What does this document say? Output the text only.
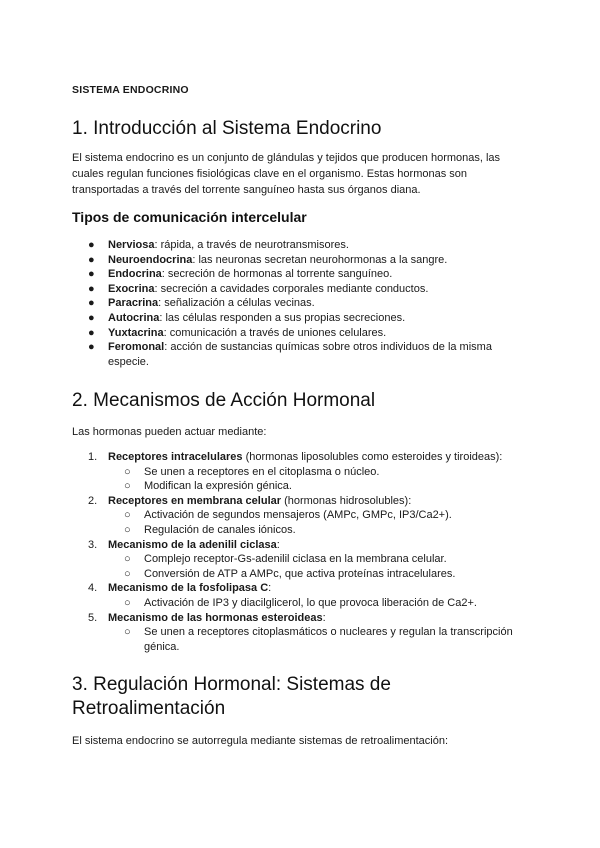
SISTEMA ENDOCRINO
1. Introducción al Sistema Endocrino

El sistema endocrino es un conjunto de glándulas y tejidos que producen hormonas, las cuales regulan funciones fisiológicas clave en el organismo. Estas hormonas son transportadas a través del torrente sanguíneo hasta sus órganos diana.

Tipos de comunicación intercelular
● Nerviosa: rápida, a través de neurotransmisores.
● Neuroendocrina: las neuronas secretan neurohormonas a la sangre.
● Endocrina: secreción de hormonas al torrente sanguíneo.
● Exocrina: secreción a cavidades corporales mediante conductos.
● Paracrina: señalización a células vecinas.
● Autocrina: las células responden a sus propias secreciones.
● Yuxtacrina: comunicación a través de uniones celulares.
● Feromonal: acción de sustancias químicas sobre otros individuos de la misma especie.
2. Mecanismos de Acción Hormonal

Las hormonas pueden actuar mediante:

1. Receptores intracelulares (hormonas liposolubles como esteroides y tiroideas):
○ Se unen a receptores en el citoplasma o núcleo.
○ Modifican la expresión génica.
2. Receptores en membrana celular (hormonas hidrosolubles):
○ Activación de segundos mensajeros (AMPc, GMPc, IP3/Ca2+).
○ Regulación de canales iónicos.
3. Mecanismo de la adenilil ciclasa:
○ Complejo receptor-Gs-adenilil ciclasa en la membrana celular.
○ Conversión de ATP a AMPc, que activa proteínas intracelulares.
4. Mecanismo de la fosfolipasa C:
○ Activación de IP3 y diacilglicerol, lo que provoca liberación de Ca2+.
5. Mecanismo de las hormonas esteroideas:
○ Se unen a receptores citoplasmáticos o nucleares y regulan la transcripción génica.
3. Regulación Hormonal: Sistemas de Retroalimentación

El sistema endocrino se autorregula mediante sistemas de retroalimentación:
